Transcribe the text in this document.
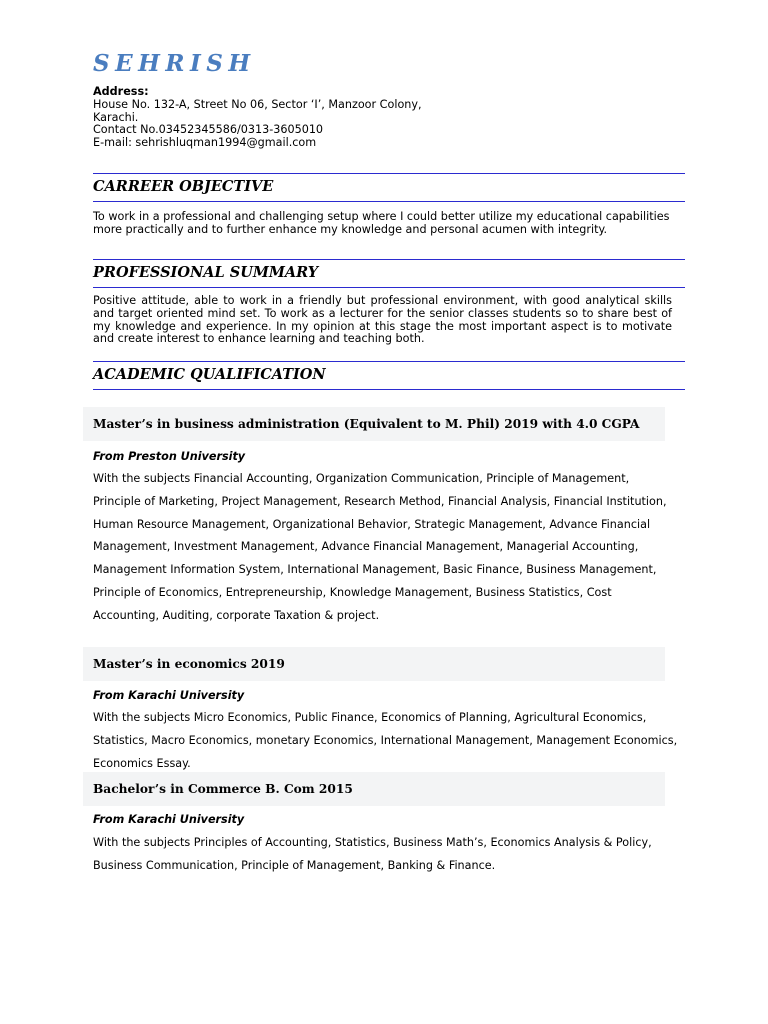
SEHRISH
Address:
House No. 132-A, Street No 06, Sector ‘I’, Manzoor Colony,
Karachi.
Contact No.03452345586/0313-3605010
E-mail: sehrishluqman1994@gmail.com
CARREER OBJECTIVE

To work in a professional and challenging setup where I could better utilize my educational capabilities more practically and to further enhance my knowledge and personal acumen with integrity.

PROFESSIONAL SUMMARY

Positive attitude, able to work in a friendly but professional environment, with good analytical skills and target oriented mind set. To work as a lecturer for the senior classes students so to share best of my knowledge and experience. In my opinion at this stage the most important aspect is to motivate and create interest to enhance learning and teaching both.

ACADEMIC QUALIFICATION
Master’s in business administration (Equivalent to M. Phil) 2019 with 4.0 CGPA

From Preston University

With the subjects Financial Accounting, Organization Communication, Principle of Management, Principle of Marketing, Project Management, Research Method, Financial Analysis, Financial Institution, Human Resource Management, Organizational Behavior, Strategic Management, Advance Financial Management, Investment Management, Advance Financial Management, Managerial Accounting, Management Information System, International Management, Basic Finance, Business Management, Principle of Economics, Entrepreneurship, Knowledge Management, Business Statistics, Cost Accounting, Auditing, corporate Taxation & project.

Master’s in economics 2019

From Karachi University

With the subjects Micro Economics, Public Finance, Economics of Planning, Agricultural Economics, Statistics, Macro Economics, monetary Economics, International Management, Management Economics, Economics Essay.

Bachelor’s in Commerce B. Com 2015

From Karachi University

With the subjects Principles of Accounting, Statistics, Business Math’s, Economics Analysis & Policy, Business Communication, Principle of Management, Banking & Finance.
